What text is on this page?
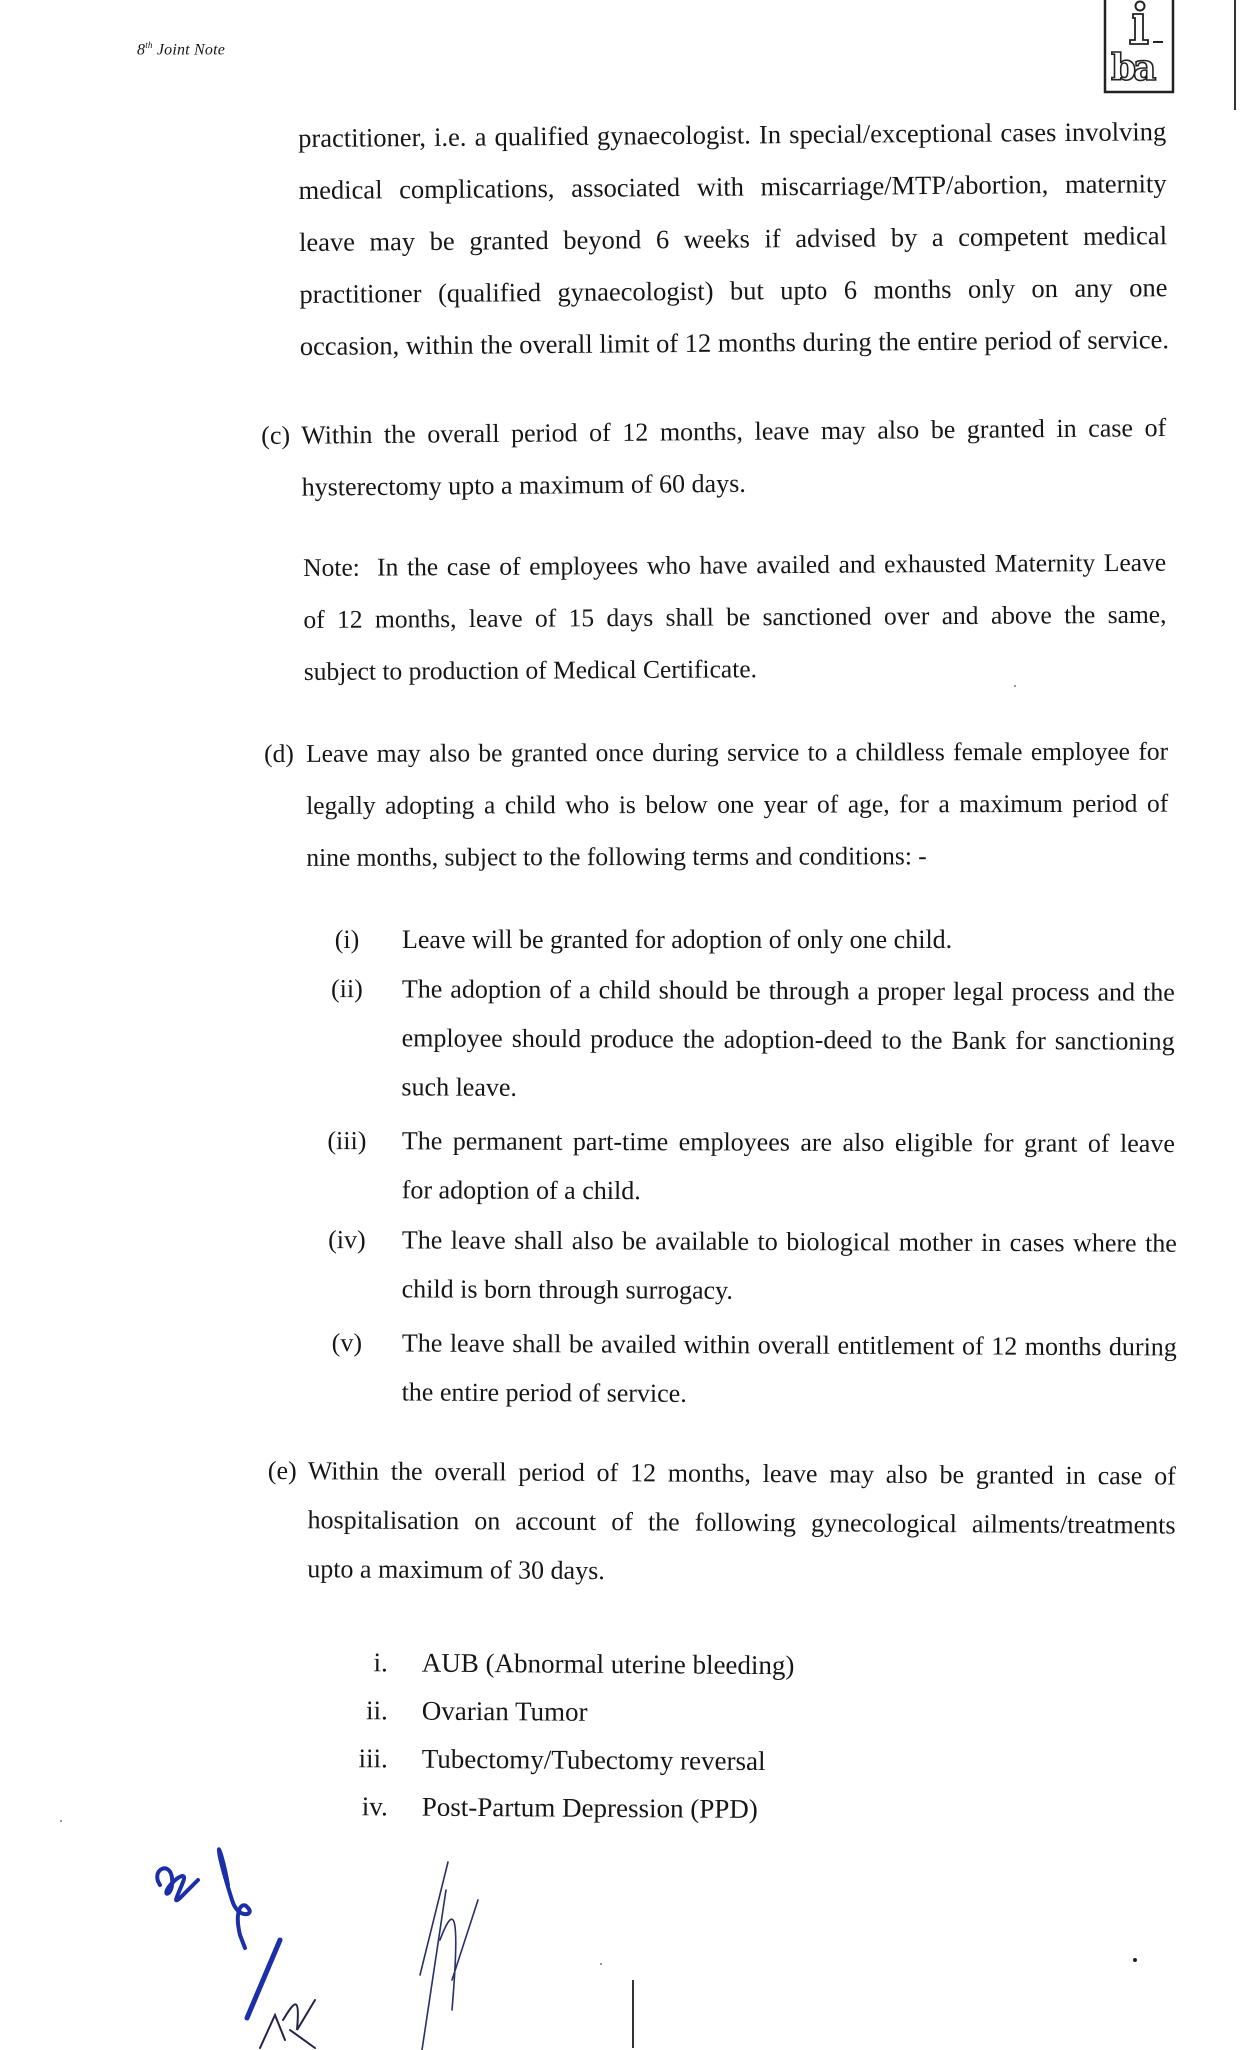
8th Joint Note	ba
practitioner, i.e. a qualified gynaecologist. In special/exceptional cases involving
medical complications, associated with miscarriage/MTP/abortion, maternity
leave may be granted beyond 6 weeks if advised by a competent medical
practitioner (qualified gynaecologist) but upto 6 months only on any one
occasion, within the overall limit of 12 months during the entire period of service.
(c) Within the overall period of 12 months, leave may also be granted in case of
hysterectomy upto a maximum of 60 days.
Note: In the case of employees who have availed and exhausted Maternity Leave
of 12 months, leave of 15 days shall be sanctioned over and above the same,
subject to production of Medical Certificate.
(d) Leave may also be granted once during service to a childless female employee for
legally adopting a child who is below one year of age, for a maximum period of
nine months, subject to the following terms and conditions: -
(i)	Leave will be granted for adoption of only one child.
(ii)	The adoption of a child should be through a proper legal process and the
employee should produce the adoption-deed to the Bank for sanctioning
such leave.
(iii) The permanent part-time employees are also eligible for grant of leave
for adoption of a child.
(iv) The leave shall also be available to biological mother in cases where the
child is born through surrogacy.
(v)	The leave shall be availed within overall entitlement of 12 months during
the entire period of service.
(e) Within the overall period of 12 months, leave may also be granted in case of
hospitalisation on account of the following gynecological ailments/treatments
upto a maximum of 30 days.
i. AUB (Abnormal uterine bleeding)
ii. Ovarian Tumor
iii. Tubectomy/Tubectomy reversal
iv. Post-Partum Depression (PPD)
